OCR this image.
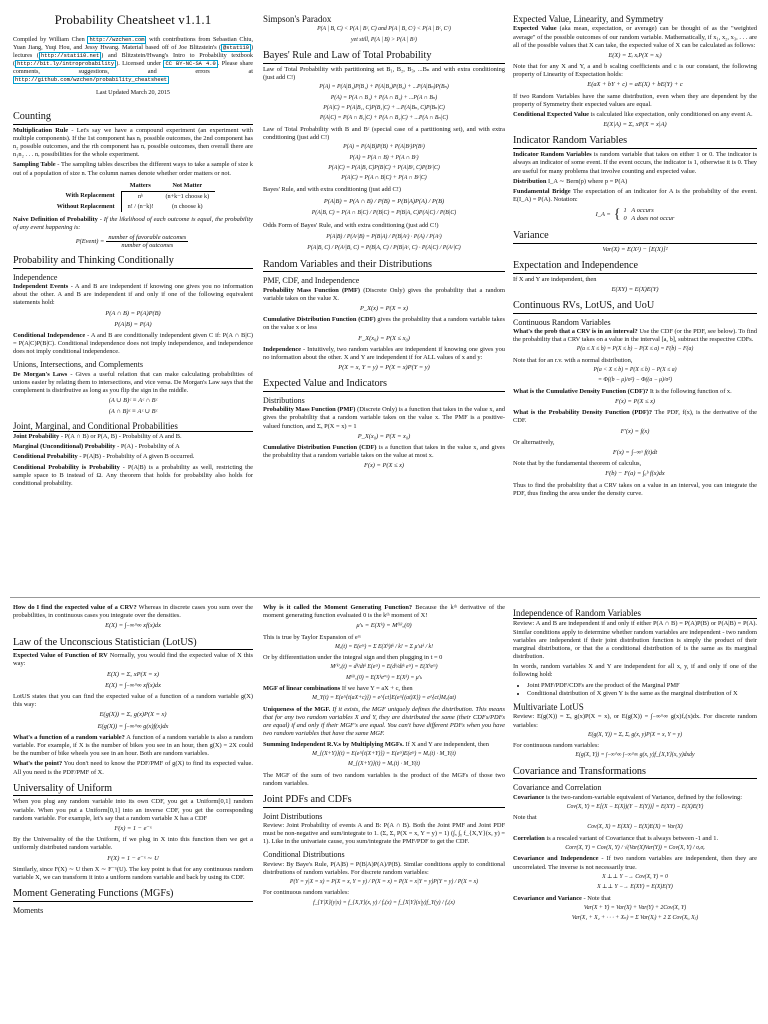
Probability Cheatsheet v1.1.1

Compiled by William Chen http://wzchen.com with contributions from Sebastian Chiu, Yuan Jiang, Yuqi Hou, and Jessy Hwang. Material based off of Joe Blitzstein's ( @stat110 ) lectures ( http://stat110.net ) and Blitzstein/Hwang's Intro to Probability textbook ( http://bit.ly/introprobability ). Licensed under CC BY-NC-SA 4.0 . Please share comments, suggestions, and errors at http://github.com/wzchen/probability_cheatsheet

Last Updated March 20, 2015
Counting

Multiplication Rule - Let's say we have a compound experiment (an experiment with multiple components). If the 1st component has n₁ possible outcomes, the 2nd component has n₂ possible outcomes, and the rth component has nᵣ possible outcomes, then overall there are n₁n₂ . . . nᵣ possibilities for the whole experiment.

Sampling Table - The sampling tables describes the different ways to take a sample of size k out of a population of size n. The column names denote whether order matters or not.

	Matters	Not Matter
With Replacement	nᵏ	(n+k−1 choose k)
Without Replacement	n! / (n−k)!	(n choose k)

Naive Definition of Probability - If the likelihood of each outcome is equal, the probability of any event happening is:

P(Event) = $\frac{\text{number of favorable outcomes}}{\text{number of outcomes}}$
Probability and Thinking Conditionally
Independence

Independent Events - A and B are independent if knowing one gives you no information about the other. A and B are independent if and only if one of the following equivalent statements hold:

P(A ∩ B) = P(A)P(B)
P(A|B) = P(A)

Conditional Independence - A and B are conditionally independent given C if: P(A ∩ B|C) = P(A|C)P(B|C). Conditional independence does not imply independence, and independence does not imply conditional independence.

Unions, Intersections, and Complements

De Morgan's Laws - Gives a useful relation that can make calculating probabilities of unions easier by relating them to intersections, and vice versa. De Morgan's Law says that the complement is distributive as long as you flip the sign in the middle.

(A ∪ B)ᶜ ≡ Aᶜ ∩ Bᶜ
(A ∩ B)ᶜ ≡ Aᶜ ∪ Bᶜ
Joint, Marginal, and Conditional Probabilities

Joint Probability - P(A ∩ B) or P(A, B) - Probability of A and B.

Marginal (Unconditional) Probability - P(A) - Probability of A

Conditional Probability - P(A|B) - Probability of A given B occurred.

Conditional Probability is Probability - P(A|B) is a probability as well, restricting the sample space to B instead of Ω. Any theorem that holds for probability also holds for conditional probability.

Simpson's Paradox
P(A | B, C) < P(A | Bᶜ, C) and P(A | B, Cᶜ) < P(A | Bᶜ, Cᶜ)
yet still, P(A | B) > P(A | Bᶜ)
Bayes' Rule and Law of Total Probability

Law of Total Probability with partitioning set B₁, B₂, B₃, ...Bₙ and with extra conditioning (just add C!)

P(A) = P(A|B₁)P(B₁) + P(A|B₂)P(B₂) + ...P(A|Bₙ)P(Bₙ)
P(A) = P(A ∩ B₁) + P(A ∩ B₂) + ...P(A ∩ Bₙ)
P(A|C) = P(A|B₁, C)P(B₁|C) + ...P(A|Bₙ, C)P(Bₙ|C)
P(A|C) = P(A ∩ B₁|C) + P(A ∩ B₂|C) + ...P(A ∩ Bₙ|C)

Law of Total Probability with B and Bᶜ (special case of a partitioning set), and with extra conditioning (just add C!)

P(A) = P(A|B)P(B) + P(A|Bᶜ)P(Bᶜ)
P(A) = P(A ∩ B) + P(A ∩ Bᶜ)
P(A|C) = P(A|B, C)P(B|C) + P(A|Bᶜ, C)P(Bᶜ|C)
P(A|C) = P(A ∩ B|C) + P(A ∩ Bᶜ|C)

Bayes' Rule, and with extra conditioning (just add C!)

P(A|B) = P(A ∩ B) / P(B) = P(B|A)P(A) / P(B)
P(A|B, C) = P(A ∩ B|C) / P(B|C) = P(B|A, C)P(A|C) / P(B|C)

Odds Form of Bayes' Rule, and with extra conditioning (just add C!)

P(A|B) / P(Aᶜ|B) = P(B|A) / P(B|Aᶜ) · P(A) / P(Aᶜ)
P(A|B, C) / P(Aᶜ|B, C) = P(B|A, C) / P(B|Aᶜ, C) · P(A|C) / P(Aᶜ|C)
Random Variables and their Distributions
PMF, CDF, and Independence

Probability Mass Function (PMF) (Discrete Only) gives the probability that a random variable takes on the value X.

P_X(x) = P(X = x)

Cumulative Distribution Function (CDF) gives the probability that a random variable takes on the value x or less

F_X(x₀) = P(X ≤ x₀)

Independence - Intuitively, two random variables are independent if knowing one gives you no information about the other. X and Y are independent if for ALL values of x and y:

P(X = x, Y = y) = P(X = x)P(Y = y)
Expected Value and Indicators
Distributions

Probability Mass Function (PMF) (Discrete Only) is a function that takes in the value x, and gives the probability that a random variable takes on the value x. The PMF is a positive-valued function, and Σₓ P(X = x) = 1

P_X(x₀) = P(X = x₀)

Cumulative Distribution Function (CDF) is a function that takes in the value x, and gives the probability that a random variable takes on the value at most x.

F(x) = P(X ≤ x)
Expected Value, Linearity, and Symmetry

Expected Value (aka mean, expectation, or average) can be thought of as the "weighted average" of the possible outcomes of our random variable. Mathematically, if x₁, x₂, x₃, . . . are all of the possible values that X can take, the expected value of X can be calculated as follows:

E(X) = Σᵢ xᵢP(X = xᵢ)

Note that for any X and Y, a and b scaling coefficients and c is our constant, the following property of Linearity of Expectation holds:

E(aX + bY + c) = aE(X) + bE(Y) + c

If two Random Variables have the same distribution, even when they are dependent by the property of Symmetry their expected values are equal.

Conditional Expected Value is calculated like expectation, only conditioned on any event A.

E(X|A) = Σₓ xP(X = x|A)
Indicator Random Variables

Indicator Random Variables is random variable that takes on either 1 or 0. The indicator is always an indicator of some event. If the event occurs, the indicator is 1, otherwise it is 0. They are useful for many problems that involve counting and expected value.

Distribution I_A ∼ Bern(p) where p = P(A)

Fundamental Bridge The expectation of an indicator for A is the probability of the event. E(I_A) = P(A). Notation:

I_A = { 1   A occurs
0   A does not occur
Variance
Var(X) = E(X²) − [E(X)]²
Expectation and Independence

If X and Y are independent, then

E(XY) = E(X)E(Y)
Continuous RVs, LotUS, and UoU
Continuous Random Variables

What's the prob that a CRV is in an interval? Use the CDF (or the PDF, see below). To find the probability that a CRV takes on a value in the interval [a, b], subtract the respective CDFs.

P(a ≤ X ≤ b) = P(X ≤ b) − P(X ≤ a) = F(b) − F(a)

Note that for an r.v. with a normal distribution,

P(a < X ≤ b) = P(X ≤ b) − P(X ≤ a)
= Φ((b − μ)/σ²) − Φ((a − μ)/σ²)

What is the Cumulative Density Function (CDF)? It is the following function of x.

F(x) = P(X ≤ x)

What is the Probability Density Function (PDF)? The PDF, f(x), is the derivative of the CDF.

F′(x) = f(x)

Or alternatively,

F(x) = ∫₋∞ˣ f(t)dt

Note that by the fundamental theorem of calculus,

F(b) − F(a) = ∫ₐᵇ f(x)dx

Thus to find the probability that a CRV takes on a value in an interval, you can integrate the PDF, thus finding the area under the density curve.

How do I find the expected value of a CRV? Whereas in discrete cases you sum over the probabilities, in continuous cases you integrate over the densities.

E(X) = ∫₋∞^∞ xf(x)dx
Law of the Unconscious Statistician (LotUS)

Expected Value of Function of RV Normally, you would find the expected value of X this way:

E(X) = Σₓ xP(X = x)
E(X) = ∫₋∞^∞ xf(x)dx

LotUS states that you can find the expected value of a function of a random variable g(X) this way:

E(g(X)) = Σₓ g(x)P(X = x)
E(g(X)) = ∫₋∞^∞ g(x)f(x)dx

What's a function of a random variable? A function of a random variable is also a random variable. For example, if X is the number of bikes you see in an hour, then g(X) = 2X could be the number of bike wheels you see in an hour. Both are random variables.

What's the point? You don't need to know the PDF/PMF of g(X) to find its expected value. All you need is the PDF/PMF of X.

Universality of Uniform

When you plug any random variable into its own CDF, you get a Uniform[0,1] random variable. When you put a Uniform[0,1] into an inverse CDF, you get the corresponding random variable. For example, let's say that a random variable X has a CDF

F(x) = 1 − e⁻ˣ

By the Universality of the the Uniform, if we plug in X into this function then we get a uniformly distributed random variable.

F(X) = 1 − e⁻ˣ ∼ U

Similarly, since F(X) ∼ U then X ∼ F⁻¹(U). The key point is that for any continuous random variable X, we can transform it into a uniform random variable and back by using its CDF.

Moment Generating Functions (MGFs)
Moments

Why is it called the Moment Generating Function? Because the kᵗʰ derivative of the moment generating function evaluated 0 is the kᵗʰ moment of X!

μ′ₖ = E(Xᵏ) = M⁽ᵏ⁾ₓ(0)

This is true by Taylor Expansion of eᵗˣ

Mₓ(t) = E(eᵗˣ) = Σ E(Xᵏ)tᵏ / k! = Σ μ′ₖtᵏ / k!

Or by differentiation under the integral sign and then plugging in t = 0

M⁽ᵏ⁾ₓ(t) = dᵏ/dtᵏ E(eᵗˣ) = E(dᵏ/dtᵏ eᵗˣ) = E(Xᵏeᵗˣ)
M⁽ᵏ⁾ₓ(0) = E(Xᵏe⁰ˣ) = E(Xᵏ) = μ′ₖ

MGF of linear combinations If we have Y = aX + c, then

M_Y(t) = E(e^{t(aX+c)}) = e^{ct}E(e^{(at)X}) = e^{ct}Mₓ(at)

Uniqueness of the MGF. If it exists, the MGF uniquely defines the distribution. This means that for any two random variables X and Y, they are distributed the same (their CDFs/PDFs are equal) if and only if their MGF's are equal. You can't have different PDFs when you have two random variables that have the same MGF.

Summing Independent R.V.s by Multiplying MGFs. If X and Y are independent, then

M_{(X+Y)}(t) = E(e^{t(X+Y)}) = E(eᵗˣ)E(eᵗʸ) = Mₓ(t) · M_Y(t)
M_{(X+Y)}(t) = Mₓ(t) · M_Y(t)

The MGF of the sum of two random variables is the product of the MGFs of those two random variables.

Joint PDFs and CDFs
Joint Distributions

Review: Joint Probability of events A and B: P(A ∩ B). Both the Joint PMF and Joint PDF must be non-negative and sum/integrate to 1. (Σₓ Σᵧ P(X = x, Y = y) = 1) (∫ₓ ∫ᵧ f_{X,Y}(x, y) = 1). Like in the univariate cause, you sum/integrate the PMF/PDF to get the CDF.

Conditional Distributions

Review: By Baye's Rule, P(A|B) = P(B|A)P(A)/P(B). Similar conditions apply to conditional distributions of random variables. For discrete random variables:

P(Y = y|X = x) = P(X = x, Y = y) / P(X = x) = P(X = x|Y = y)P(Y = y) / P(X = x)

For continuous random variables:

f_{Y|X}(y|x) = f_{X,Y}(x, y) / fₓ(x) = f_{X|Y}(x|y)f_Y(y) / fₓ(x)
Independence of Random Variables

Review: A and B are independent if and only if either P(A ∩ B) = P(A)P(B) or P(A|B) = P(A). Similar conditions apply to determine whether random variables are independent - two random variables are independent if their joint distribution function is simply the product of their marginal distributions, or that the a conditional distribution of is the same as its marginal distribution.

In words, random variables X and Y are independent for all x, y, if and only if one of the following hold:

• Joint PMF/PDF/CDFs are the product of the Marginal PMF
• Conditional distribution of X given Y is the same as the marginal distribution of X
Multivariate LotUS

Review: E(g(X)) = Σₓ g(x)P(X = x), or E(g(X)) = ∫₋∞^∞ g(x)fₓ(x)dx. For discrete random variables:

E(g(X, Y)) = Σₓ Σᵧ g(x, y)P(X = x, Y = y)

For continuous random variables:

E(g(X, Y)) = ∫₋∞^∞ ∫₋∞^∞ g(x, y)f_{X,Y}(x, y)dxdy
Covariance and Transformations
Covariance and Correlation

Covariance is the two-random-variable equivalent of Variance, defined by the following:

Cov(X, Y) = E[(X − E(X))(Y − E(Y))] = E(XY) − E(X)E(Y)

Note that

Cov(X, X) = E(XX) − E(X)E(X) = Var(X)

Correlation is a rescaled variant of Covariance that is always between -1 and 1.

Corr(X, Y) = Cov(X, Y) / √(Var(X)Var(Y)) = Cov(X, Y) / σₓσᵧ

Covariance and Independence - If two random variables are independent, then they are uncorrelated. The inverse is not necessarily true.

X ⊥⊥ Y −→ Cov(X, Y) = 0
X ⊥⊥ Y −→ E(XY) = E(X)E(Y)

Covariance and Variance - Note that

Var(X + Y) = Var(X) + Var(Y) + 2Cov(X, Y)
Var(X₁ + X₂ + · · · + Xₙ) = Σ Var(Xᵢ) + 2 Σ Cov(Xᵢ, Xⱼ)
